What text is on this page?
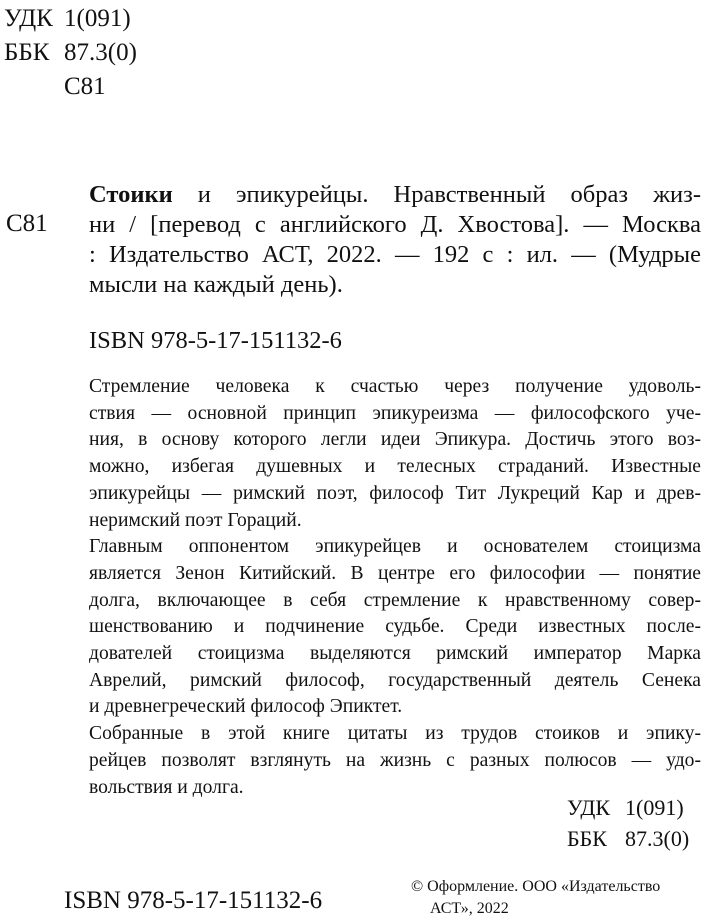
УДК 1(091)
ББК 87.3(0)
С81
С81
Стоики и эпикурейцы. Нравственный образ жиз-
ни / [перевод с английского Д. Хвостова]. — Москва
: Издательство АСТ, 2022. — 192 с : ил. — (Мудрые
мысли на каждый день).
ISBN 978-5-17-151132-6
Стремление человека к счастью через получение удоволь-
ствия — основной принцип эпикуреизма — философского уче-
ния, в основу которого легли идеи Эпикура. Достичь этого воз-
можно, избегая душевных и телесных страданий. Известные
эпикурейцы — римский поэт, философ Тит Лукреций Кар и древ-
неримский поэт Гораций.
Главным оппонентом эпикурейцев и основателем стоицизма
является Зенон Китийский. В центре его философии — понятие
долга, включающее в себя стремление к нравственному совер-
шенствованию и подчинение судьбе. Среди известных после-
дователей стоицизма выделяются римский император Марка
Аврелий, римский философ, государственный деятель Сенека
и древнегреческий философ Эпиктет.
Собранные в этой книге цитаты из трудов стоиков и эпику-
рейцев позволят взглянуть на жизнь с разных полюсов — удо-
вольствия и долга.
УДК 1(091)
ББК 87.3(0)
ISBN 978-5-17-151132-6
© Оформление. ООО «Издательство
АСТ», 2022
